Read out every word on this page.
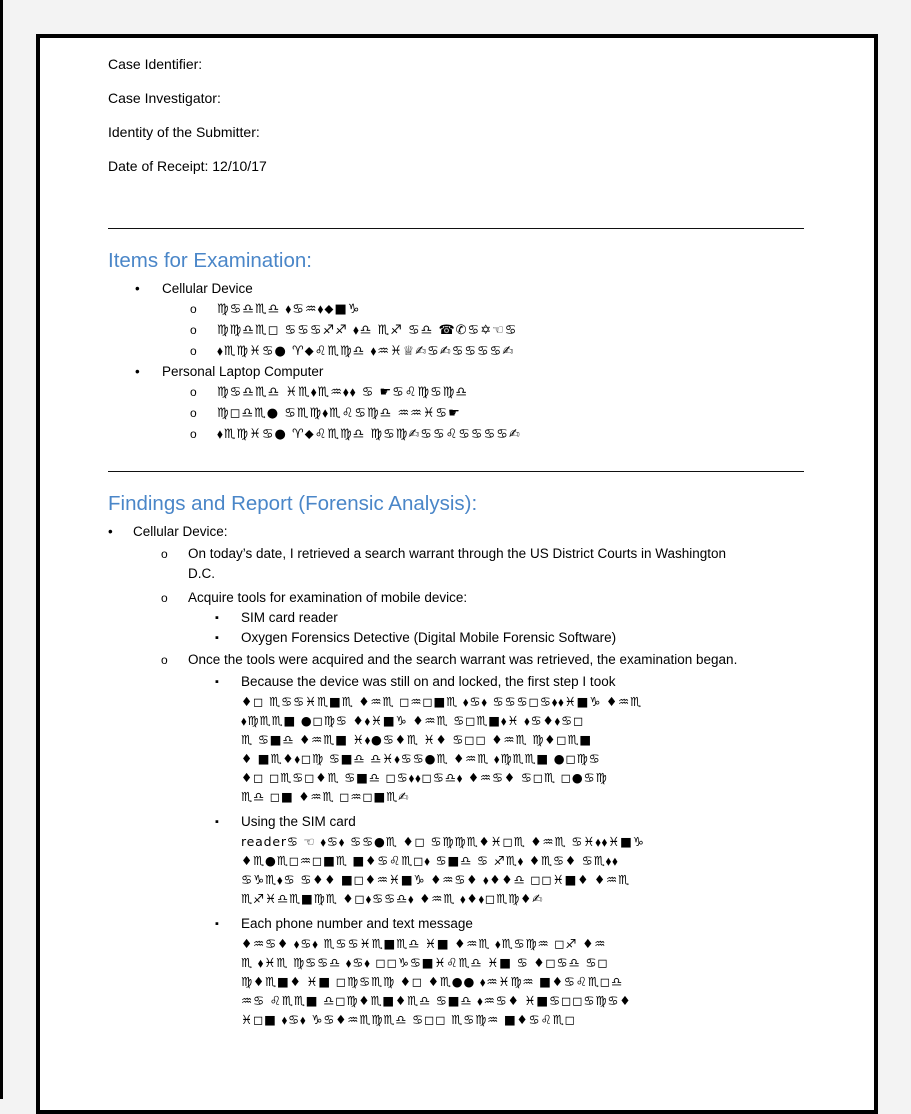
Case Identifier:
Case Investigator:
Identity of the Submitter:
Date of Receipt: 12/10/17
Items for Examination:
• Cellular Device
o ♍♋♎♏♎ ⬧♋♒⬧⬥■♑
o ♍♍♎♏◻ ♋♋♋♐♐ ⬧♎ ♏♐ ♋♎ ☎✆♋✡☜♋
o ⬧♏♍♓♋● ♈⬥♌♏♍♎ ⬧♒♓♕✍♋✍♋♋♋♋✍
• Personal Laptop Computer
o ♍♋♎♏♎ ♓♏⬧♏♒⬧⬧ ♋ ☛♋♌♍♋♍♎
o ♍◻♎♏● ♋♏♍⬧♏♌♋♍♎ ♒♒♓♋☛
o ⬧♏♍♓♋● ♈⬥♌♏♍♎ ♍♋♍✍♋♋♌♋♋♋♋✍
Findings and Report (Forensic Analysis):
• Cellular Device:
o On today’s date, I retrieved a search warrant through the US District Courts in Washington
D.C.
o Acquire tools for examination of mobile device:
▪ SIM card reader
▪ Oxygen Forensics Detective (Digital Mobile Forensic Software)
o Once the tools were acquired and the search warrant was retrieved, the examination began.
▪ Because the device was still on and locked, the first step I took
♦◻ ♏♋♋♓♏■♏ ♦♒♏ ◻♒◻■♏ ⬧♋⬧ ♋♋♋◻♋⬧⬧♓■♑ ♦♒♏
⬧♍♏♏■ ●◻♍♋ ♦⬧♓■♑ ♦♒♏ ♋◻♏■⬧♓ ⬧♋♦⬧♋◻
♏ ♋■♎ ♦♒♏■ ♓⬧●♋♦♏ ♓♦ ♋◻◻ ♦♒♏ ♍♦◻♏■
♦ ■♏♦⬧◻♍ ♋■♎ ♎♓⬧♋♋●♏ ♦♒♏ ⬧♍♏♏■ ●◻♍♋
♦◻ ◻♏♋◻♦♏ ♋■♎ ◻♋⬧⬧◻♋♎⬧ ♦♒♋♦ ♋◻♏ ◻●♋♍
♏♎ ◻■ ♦♒♏ ◻♒◻■♏✍
▪ Using the SIM card
reader♋ ☜ ⬧♋⬧ ♋♋●♏ ♦◻ ♋♍♍♏♦♓◻♏ ♦♒♏ ♋♓⬧⬧♓■♑
♦♏●♏◻♒◻■♏ ■♦♋♌♏◻⬧ ♋■♎ ♋ ♐♏⬧ ♦♏♋♦ ♋♏⬧⬧
♋♑♏⬧♋ ♋♦♦ ■◻♦♒♓■♑ ♦♒♋♦ ⬧♦♦♎ ◻◻♓■♦ ♦♒♏
♏♐♓♎♏■♍♏ ♦◻⬧♋♋♎⬧ ♦♒♏ ⬧♦⬧◻♏♍♦✍
▪ Each phone number and text message
♦♒♋♦ ⬧♋⬧ ♏♋♋♓♏■♏♎ ♓■ ♦♒♏ ⬧♏♋♍♒ ◻♐ ♦♒
♏ ⬧♓♏ ♍♋♋♎ ⬧♋⬧ ◻◻♑♋■♓♌♏♎ ♓■ ♋ ♦◻♋♎ ♋◻
♍♦♏■♦ ♓■ ◻♍♋♏♍ ♦◻ ♦♏●● ⬧♒♓♍♒ ■♦♋♌♏◻♎
♒♋ ♌♏♏■ ♎◻♍♦♏■♦♏♎ ♋■♎ ⬧♒♋♦ ♓■♋◻◻♋♍♋♦
♓◻■ ⬧♋⬧ ♑♋♦♒♏♍♏♎ ♋◻◻ ♏♋♍♒ ■♦♋♌♏◻
